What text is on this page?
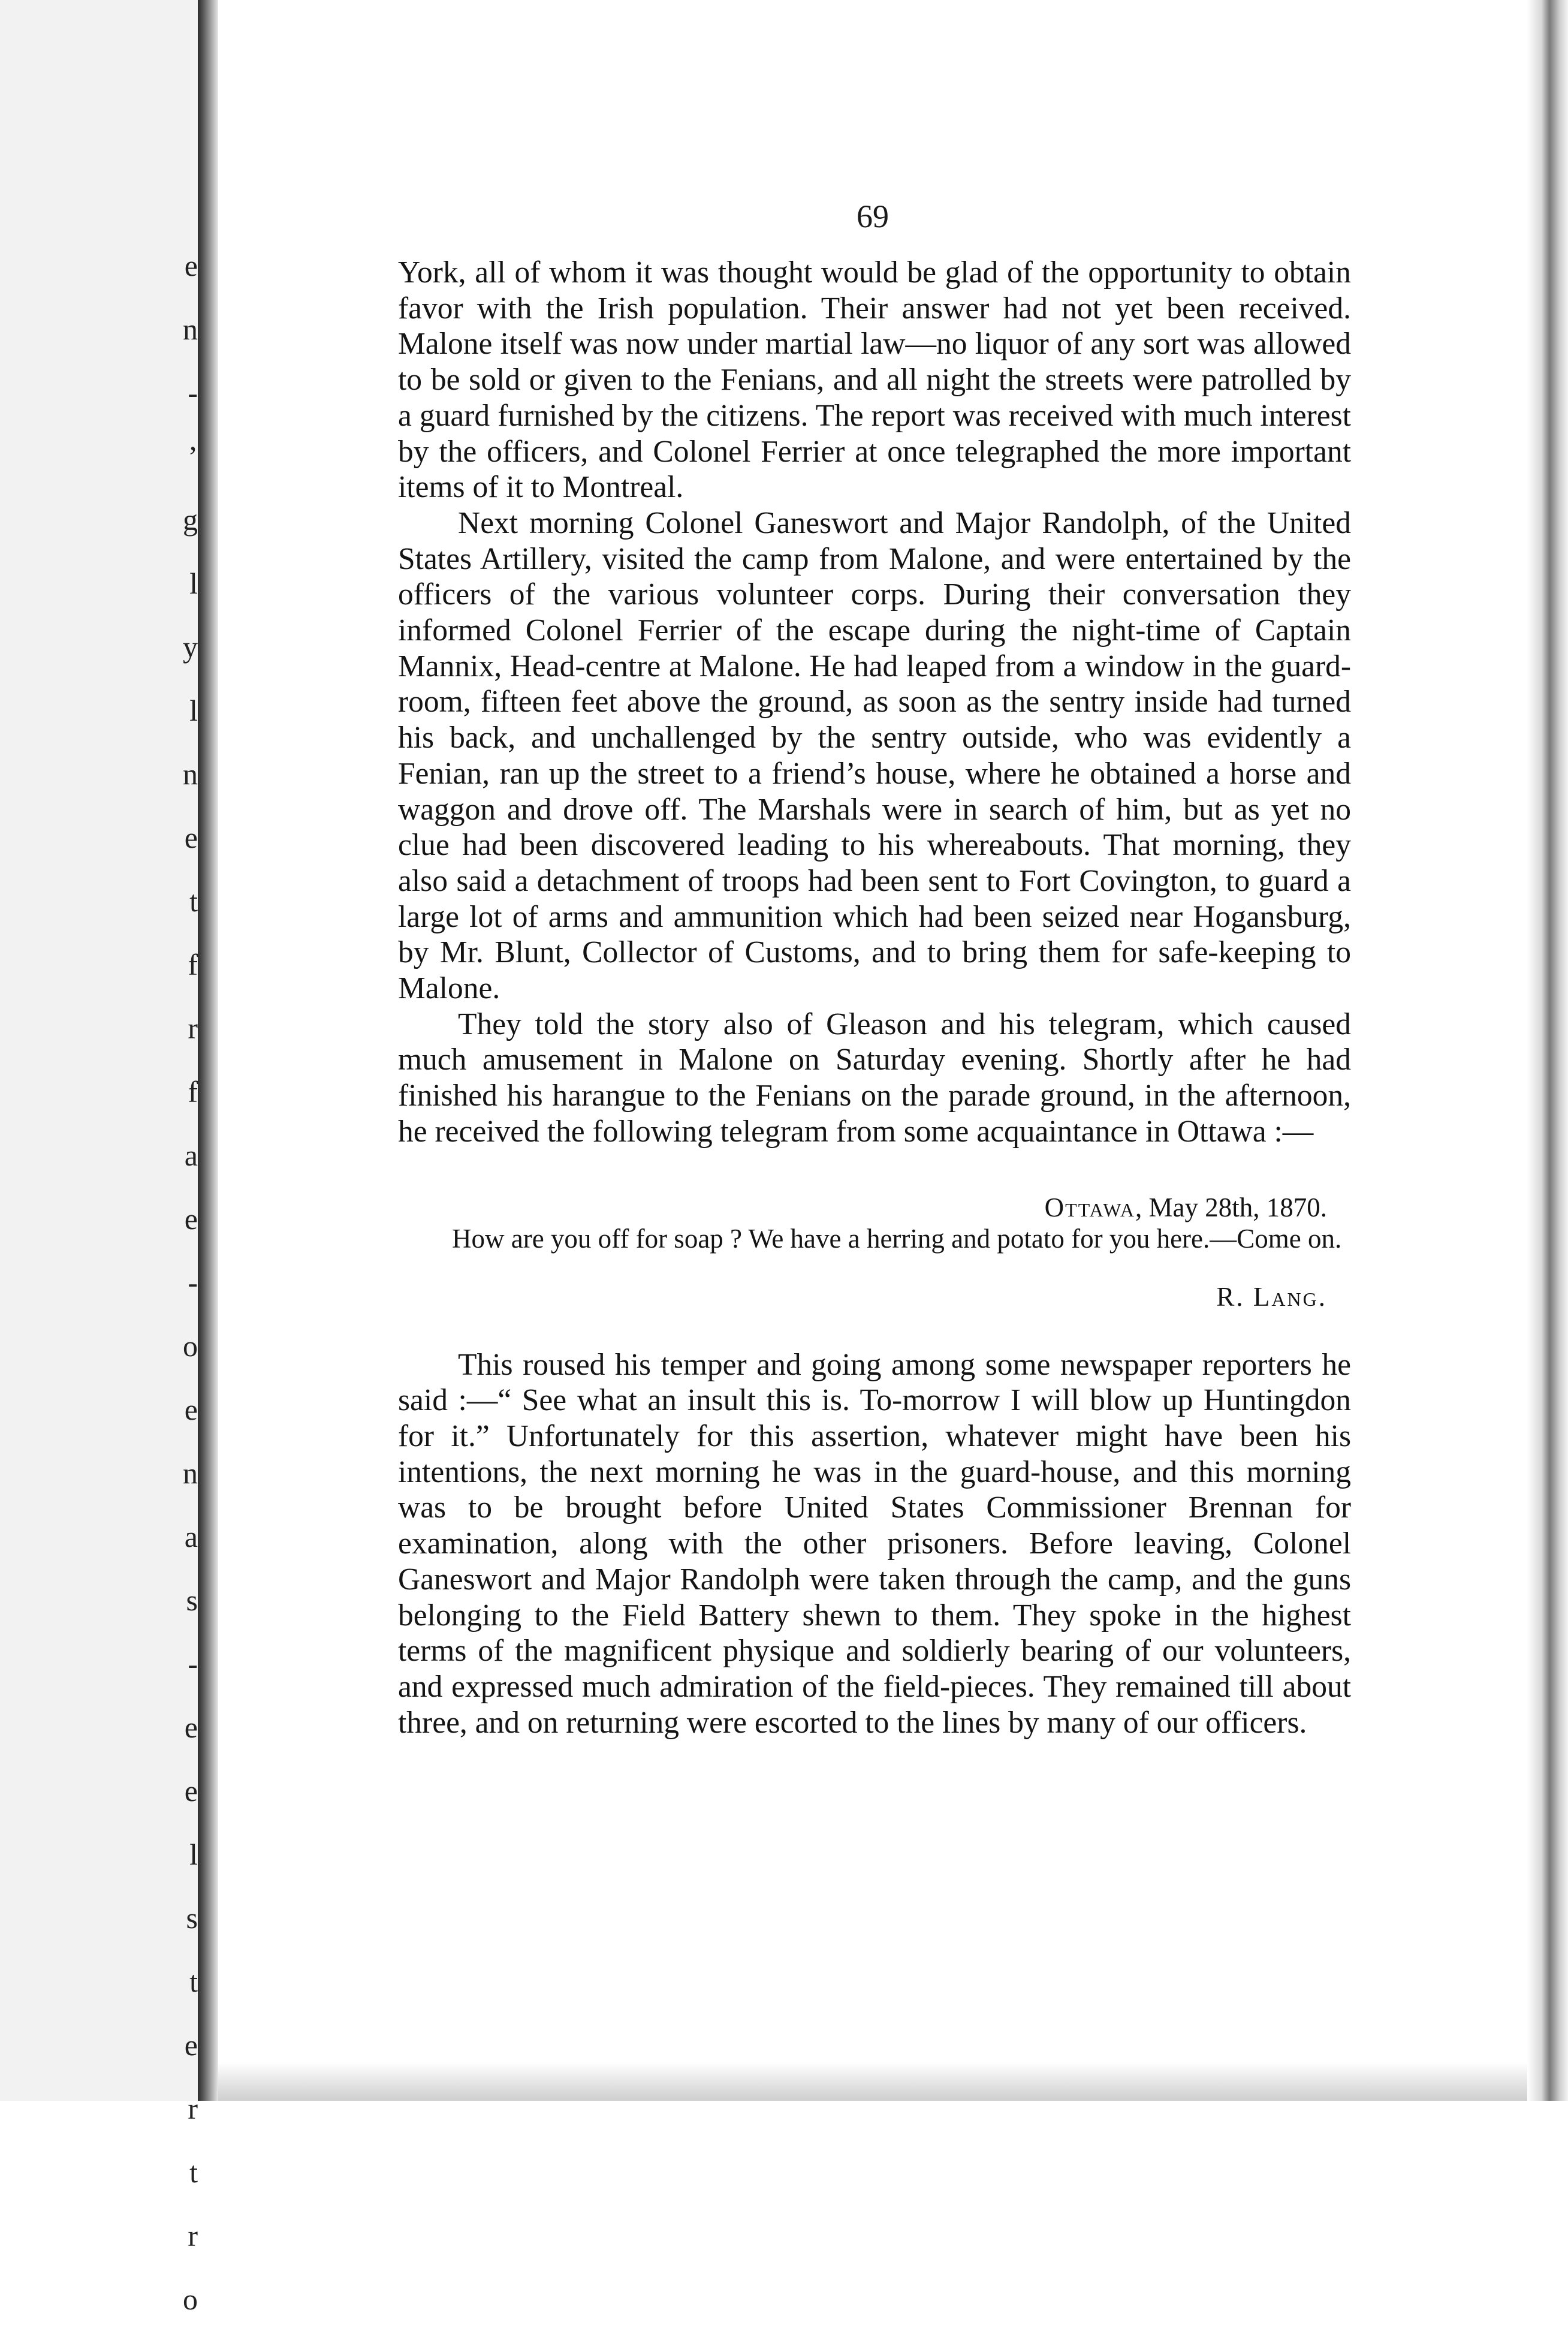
e
n
-
’
g
l
y
l
n
e
t
f
r
f
a
e
-
o
e
n
a
s
-
e
e
l
s
t
e
r
t
r
o
69

York, all of whom it was thought would be glad of the opportunity to obtain favor with the Irish population. Their answer had not yet been received. Malone itself was now under martial law—no liquor of any sort was allowed to be sold or given to the Fenians, and all night the streets were patrolled by a guard furnished by the citizens. The report was received with much interest by the officers, and Colonel Ferrier at once telegraphed the more important items of it to Montreal.

Next morning Colonel Ganeswort and Major Randolph, of the United States Artillery, visited the camp from Malone, and were entertained by the officers of the various volunteer corps. During their conversation they informed Colonel Ferrier of the escape during the night-time of Captain Mannix, Head-centre at Malone. He had leaped from a window in the guard-room, fifteen feet above the ground, as soon as the sentry inside had turned his back, and unchallenged by the sentry outside, who was evidently a Fenian, ran up the street to a friend’s house, where he obtained a horse and waggon and drove off. The Marshals were in search of him, but as yet no clue had been discovered leading to his whereabouts. That morning, they also said a detachment of troops had been sent to Fort Covington, to guard a large lot of arms and ammunition which had been seized near Hogansburg, by Mr. Blunt, Collector of Customs, and to bring them for safe-keeping to Malone.

They told the story also of Gleason and his telegram, which caused much amusement in Malone on Saturday evening. Shortly after he had finished his harangue to the Fenians on the parade ground, in the afternoon, he received the following telegram from some acquaintance in Ottawa :—

Ottawa, May 28th, 1870.

How are you off for soap ? We have a herring and potato for you here.—Come on.

R. Lang.

This roused his temper and going among some newspaper reporters he said :—“ See what an insult this is. To-morrow I will blow up Huntingdon for it.” Unfortunately for this assertion, whatever might have been his intentions, the next morning he was in the guard-house, and this morning was to be brought before United States Commissioner Brennan for examination, along with the other prisoners. Before leaving, Colonel Ganeswort and Major Randolph were taken through the camp, and the guns belonging to the Field Battery shewn to them. They spoke in the highest terms of the magnificent physique and soldierly bearing of our volunteers, and expressed much admiration of the field-pieces. They remained till about three, and on returning were escorted to the lines by many of our officers.
